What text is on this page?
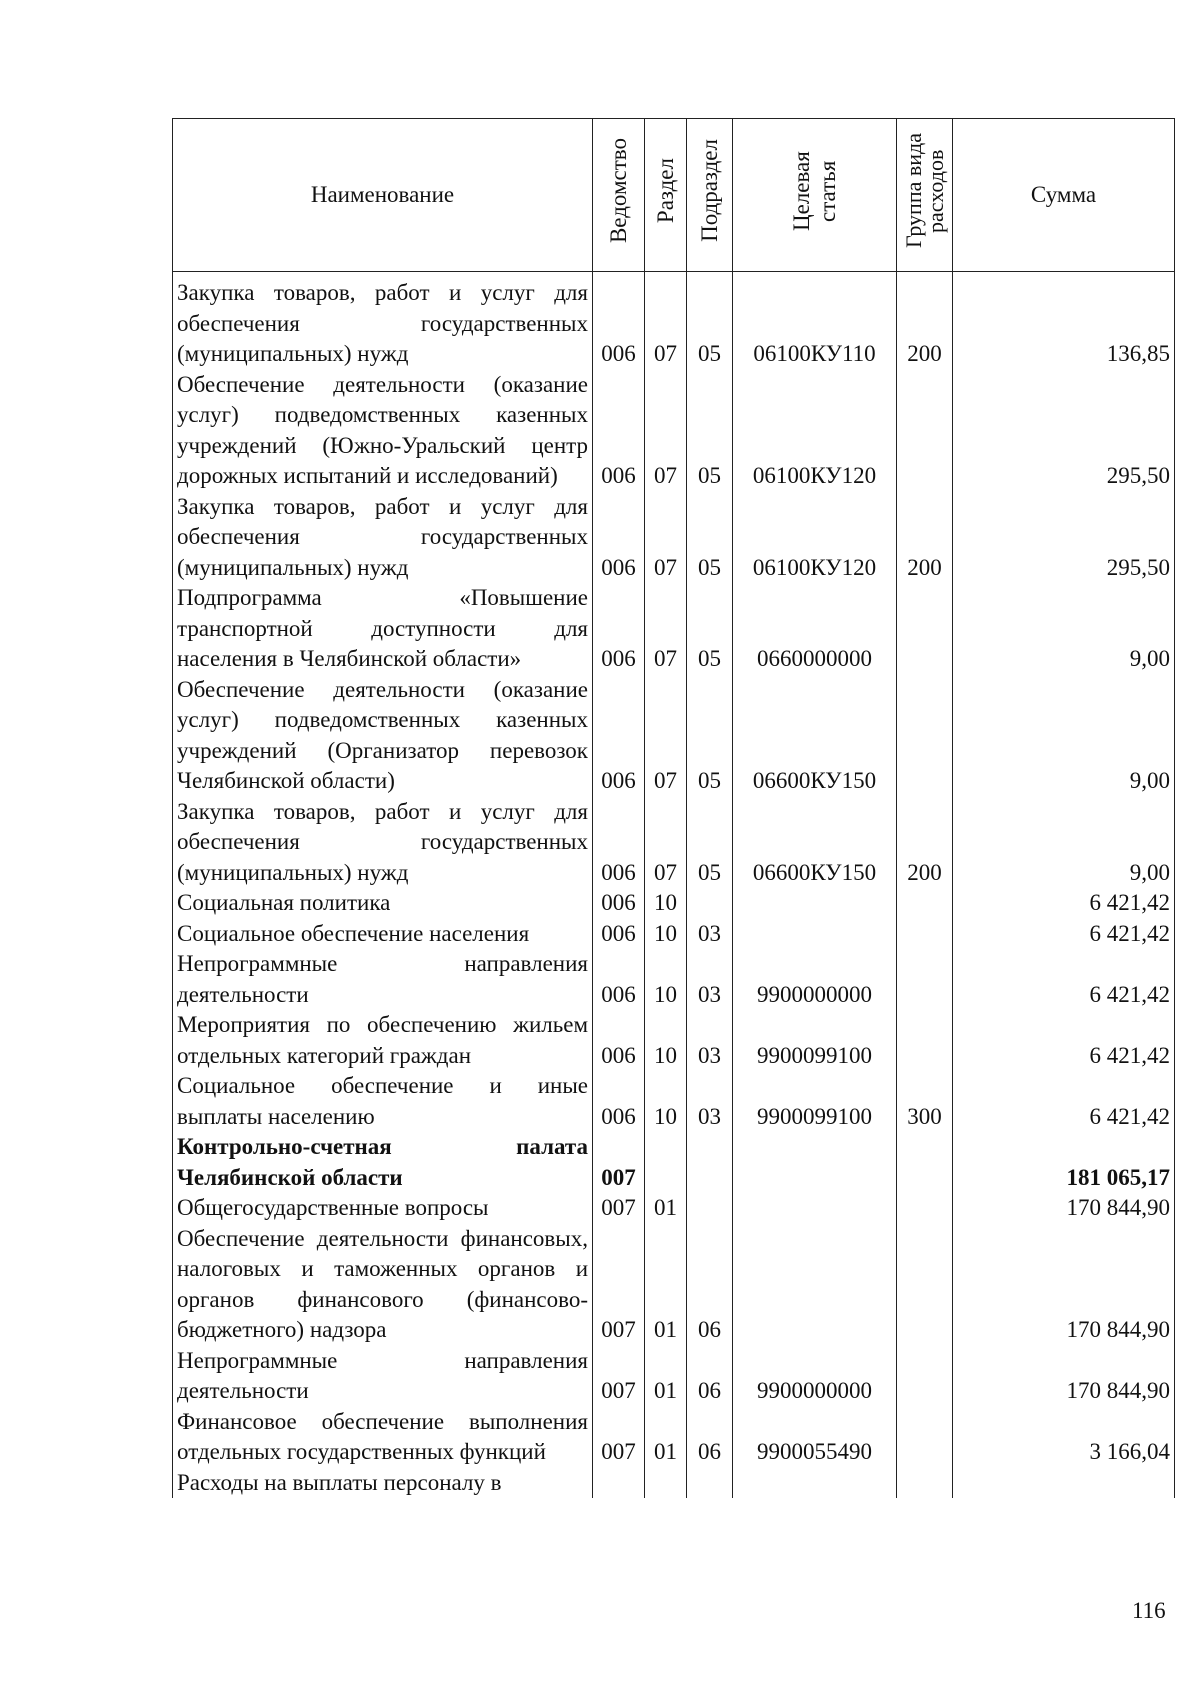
Наименование	Ведомство	Раздел	Подраздел	Целевая статья	Группа вида расходов	Сумма
Закупка товаров, работ и услуг для обеспечения государственных (муниципальных) нужд	006	07	05	06100КУ110	200	136,85
Обеспечение деятельности (оказание услуг) подведомственных казенных учреждений (Южно-Уральский центр дорожных испытаний и исследований)	006	07	05	06100КУ120		295,50
Закупка товаров, работ и услуг для обеспечения государственных (муниципальных) нужд	006	07	05	06100КУ120	200	295,50
Подпрограмма «Повышение транспортной доступности для населения в Челябинской области»	006	07	05	0660000000		9,00
Обеспечение деятельности (оказание услуг) подведомственных казенных учреждений (Организатор перевозок Челябинской области)	006	07	05	06600КУ150		9,00
Закупка товаров, работ и услуг для обеспечения государственных (муниципальных) нужд	006	07	05	06600КУ150	200	9,00
Социальная политика	006	10				6 421,42
Социальное обеспечение населения	006	10	03			6 421,42
Непрограммные направления деятельности	006	10	03	9900000000		6 421,42
Мероприятия по обеспечению жильем отдельных категорий граждан	006	10	03	9900099100		6 421,42
Социальное обеспечение и иные выплаты населению	006	10	03	9900099100	300	6 421,42
Контрольно-счетная палата Челябинской области	007					181 065,17
Общегосударственные вопросы	007	01				170 844,90
Обеспечение деятельности финансовых, налоговых и таможенных органов и органов финансового (финансово-бюджетного) надзора	007	01	06			170 844,90
Непрограммные направления деятельности	007	01	06	9900000000		170 844,90
Финансовое обеспечение выполнения отдельных государственных функций	007	01	06	9900055490		3 166,04
Расходы на выплаты персоналу в						
116
